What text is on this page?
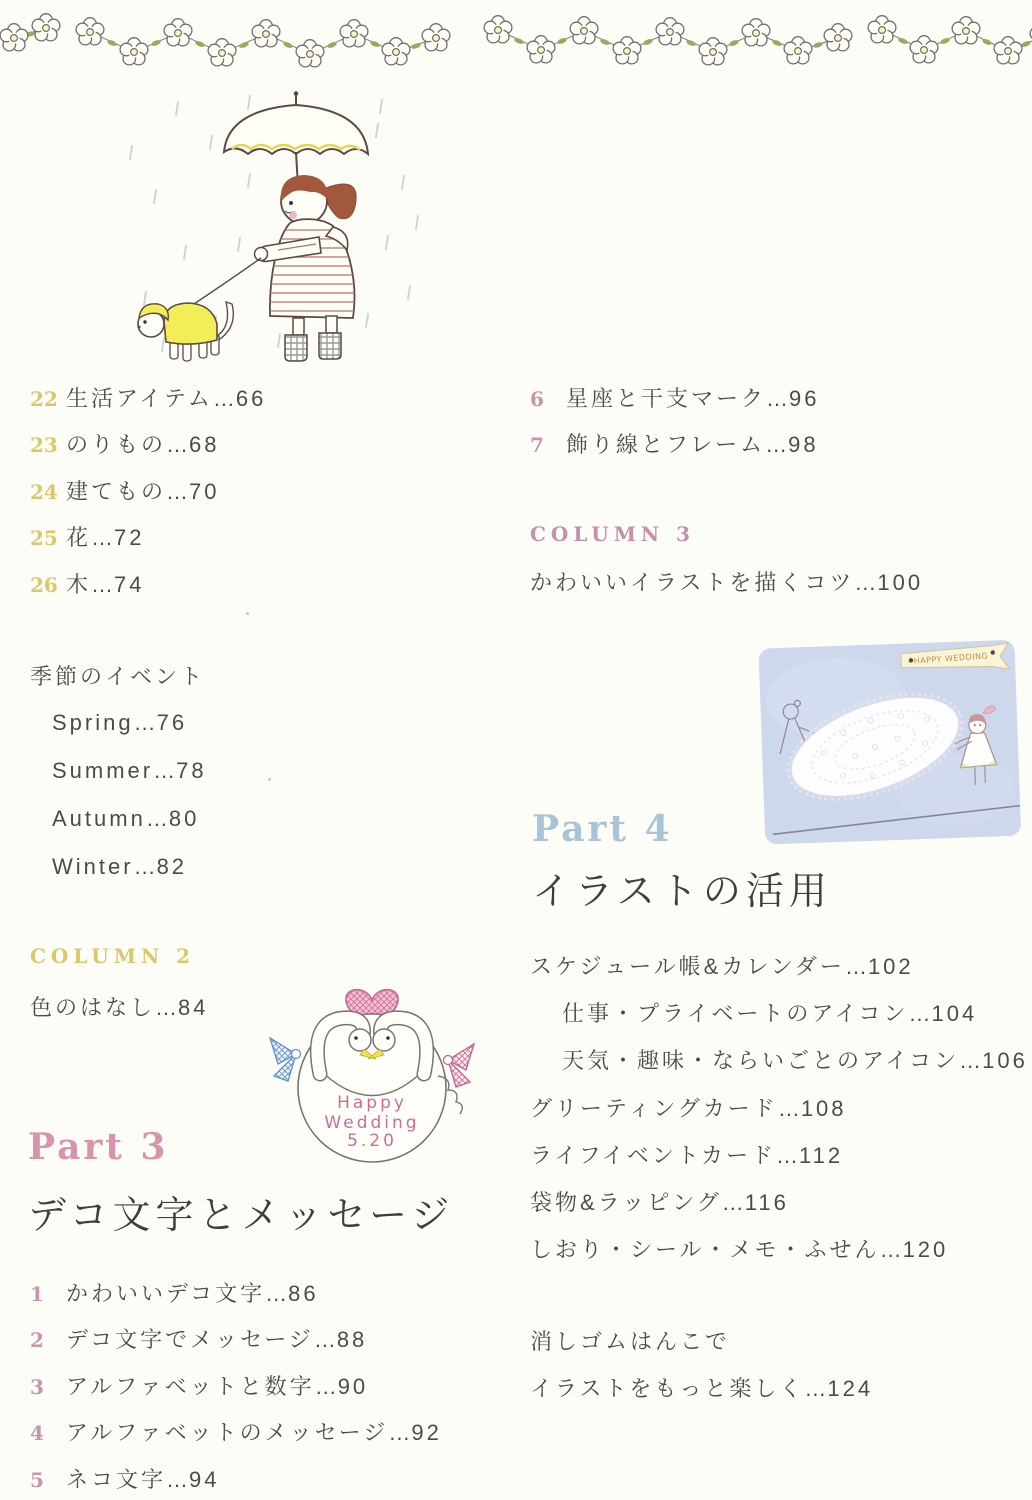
22 生活アイテム…66
23 のりもの…68
24 建てもの…70
25 花…72
26 木…74
季節のイベント
Spring…76
Summer…78
Autumn…80
Winter…82
COLUMN 2
色のはなし…84
Happy
Wedding
5.20
Part 3
デコ文字とメッセージ
1 かわいいデコ文字…86
2 デコ文字でメッセージ…88
3 アルファベットと数字…90
4 アルファベットのメッセージ…92
5 ネコ文字…94
6 星座と干支マーク…96
7 飾り線とフレーム…98
COLUMN 3
かわいいイラストを描くコツ…100
HAPPY WEDDING
Part 4
イラストの活用
スケジュール帳&カレンダー…102
仕事・プライベートのアイコン…104
天気・趣味・ならいごとのアイコン…106
グリーティングカード…108
ライフイベントカード…112
袋物&ラッピング…116
しおり・シール・メモ・ふせん…120
消しゴムはんこで
イラストをもっと楽しく…124
